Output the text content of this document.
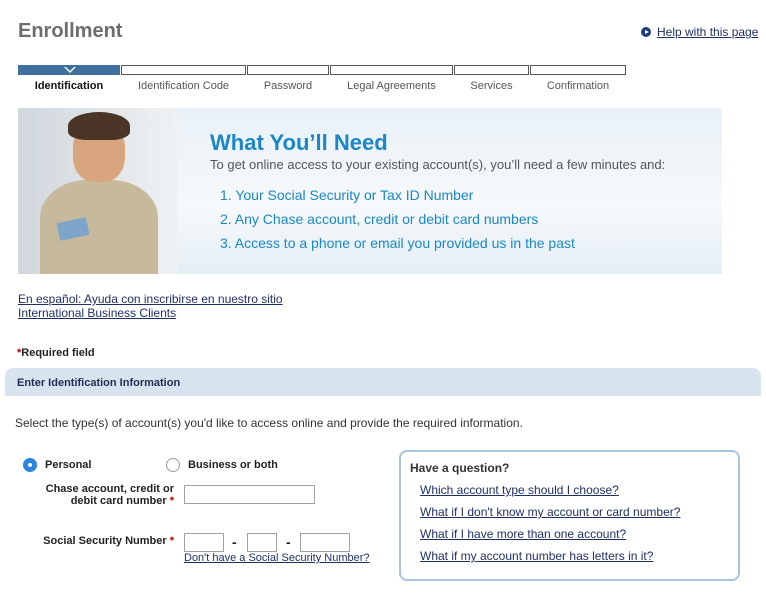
Enrollment	Help with this page
Identification	Identification Code	Password	Legal Agreements	Services	Confirmation
What You’ll Need
To get online access to your existing account(s), you’ll need a few minutes and:
1. Your Social Security or Tax ID Number
2. Any Chase account, credit or debit card numbers
3. Access to a phone or email you provided us in the past
En español: Ayuda con inscribirse en nuestro sitio
International Business Clients
*Required field
Enter Identification Information
Select the type(s) of account(s) you'd like to access online and provide the required information.
Personal	Business or both
Chase account, credit or
debit card number *
Social Security Number *	-	-
Don't have a Social Security Number?
Have a question?
Which account type should I choose?
What if I don't know my account or card number?
What if I have more than one account?
What if my account number has letters in it?
